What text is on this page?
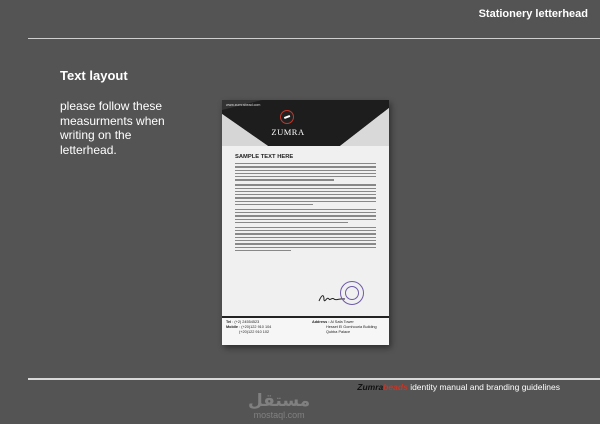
Stationery letterhead
Text layout
please follow these measurments when writing on the letterhead.
www.zumrabead.com
ZUMRA
SAMPLE TEXT HERE
Tel : (+2) 24554523
Mobile : (+20)122 910 104
(+20)122 910 102
Address : Al Safa Tower
Hesset El Gomhouria Building
Qubba Palace
Zumrabeads identity manual and branding guidelines
مستقل
mostaql.com
